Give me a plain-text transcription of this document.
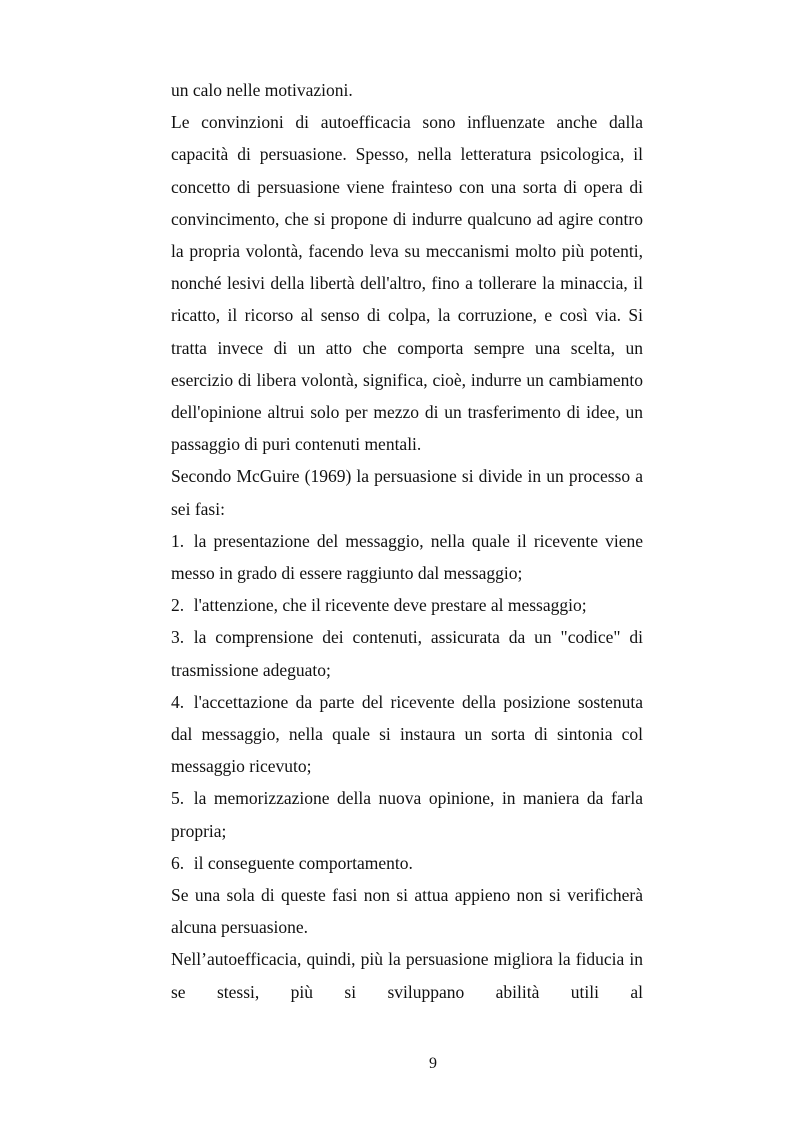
un calo nelle motivazioni.

Le convinzioni di autoefficacia sono influenzate anche dalla capacità di persuasione. Spesso, nella letteratura psicologica, il concetto di persuasione viene frainteso con una sorta di opera di convincimento, che si propone di indurre qualcuno ad agire contro la propria volontà, facendo leva su meccanismi molto più potenti, nonché lesivi della libertà dell'altro, fino a tollerare la minaccia, il ricatto, il ricorso al senso di colpa, la corruzione, e così via. Si tratta invece di un atto che comporta sempre una scelta, un esercizio di libera volontà, significa, cioè, indurre un cambiamento dell'opinione altrui solo per mezzo di un trasferimento di idee, un passaggio di puri contenuti mentali.

Secondo McGuire (1969) la persuasione si divide in un processo a sei fasi:

1. la presentazione del messaggio, nella quale il ricevente viene messo in grado di essere raggiunto dal messaggio;

2. l'attenzione, che il ricevente deve prestare al messaggio;

3. la comprensione dei contenuti, assicurata da un "codice" di trasmissione adeguato;

4. l'accettazione da parte del ricevente della posizione sostenuta dal messaggio, nella quale si instaura un sorta di sintonia col messaggio ricevuto;

5. la memorizzazione della nuova opinione, in maniera da farla propria;

6. il conseguente comportamento.

Se una sola di queste fasi non si attua appieno non si verificherà alcuna persuasione.

Nell’autoefficacia, quindi, più la persuasione migliora la fiducia in se stessi, più si sviluppano abilità utili al

9
